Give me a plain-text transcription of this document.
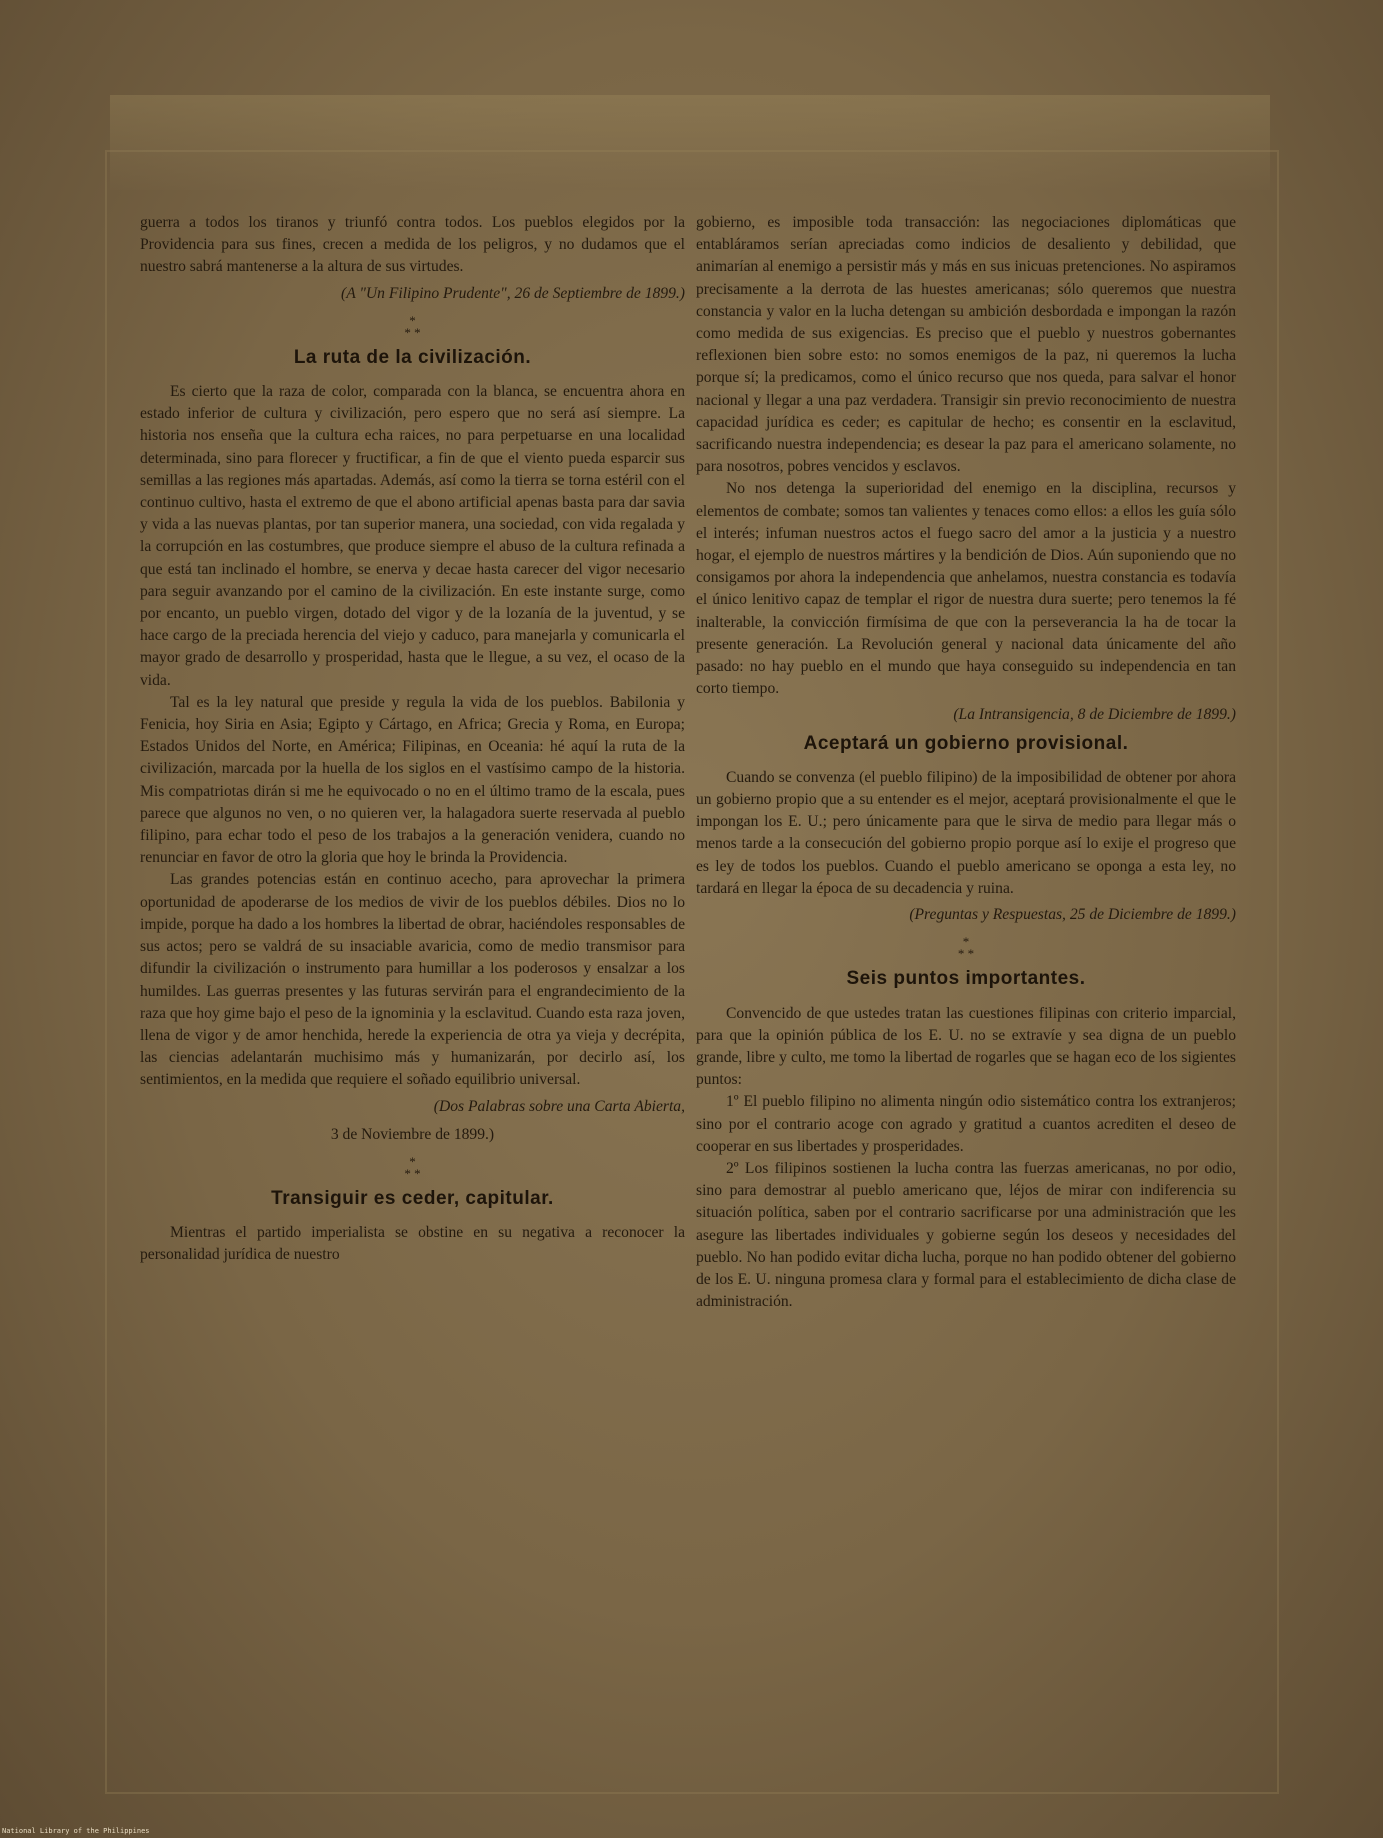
guerra a todos los tiranos y triunfó contra todos. Los pueblos elegidos por la Providencia para sus fines, crecen a medida de los peligros, y no dudamos que el nuestro sabrá mantenerse a la altura de sus virtudes.

(A "Un Filipino Prudente", 26 de Septiembre de 1899.)
*
* *
La ruta de la civilización.

Es cierto que la raza de color, comparada con la blanca, se encuentra ahora en estado inferior de cultura y civilización, pero espero que no será así siempre. La historia nos enseña que la cultura echa raices, no para perpetuarse en una localidad determinada, sino para florecer y fructificar, a fin de que el viento pueda esparcir sus semillas a las regiones más apartadas. Además, así como la tierra se torna estéril con el continuo cultivo, hasta el extremo de que el abono artificial apenas basta para dar savia y vida a las nuevas plantas, por tan superior manera, una sociedad, con vida regalada y la corrupción en las costumbres, que produce siempre el abuso de la cultura refinada a que está tan inclinado el hombre, se enerva y decae hasta carecer del vigor necesario para seguir avanzando por el camino de la civilización. En este instante surge, como por encanto, un pueblo virgen, dotado del vigor y de la lozanía de la juventud, y se hace cargo de la preciada herencia del viejo y caduco, para manejarla y comunicarla el mayor grado de desarrollo y prosperidad, hasta que le llegue, a su vez, el ocaso de la vida.

Tal es la ley natural que preside y regula la vida de los pueblos. Babilonia y Fenicia, hoy Siria en Asia; Egipto y Cártago, en Africa; Grecia y Roma, en Europa; Estados Unidos del Norte, en América; Filipinas, en Oceania: hé aquí la ruta de la civilización, marcada por la huella de los siglos en el vastísimo campo de la historia. Mis compatriotas dirán si me he equivocado o no en el último tramo de la escala, pues parece que algunos no ven, o no quieren ver, la halagadora suerte reservada al pueblo filipino, para echar todo el peso de los trabajos a la generación venidera, cuando no renunciar en favor de otro la gloria que hoy le brinda la Providencia.

Las grandes potencias están en continuo acecho, para aprovechar la primera oportunidad de apoderarse de los medios de vivir de los pueblos débiles. Dios no lo impide, porque ha dado a los hombres la libertad de obrar, haciéndoles responsables de sus actos; pero se valdrá de su insaciable avaricia, como de medio transmisor para difundir la civilización o instrumento para humillar a los poderosos y ensalzar a los humildes. Las guerras presentes y las futuras servirán para el engrandecimiento de la raza que hoy gime bajo el peso de la ignominia y la esclavitud. Cuando esta raza joven, llena de vigor y de amor henchida, herede la experiencia de otra ya vieja y decrépita, las ciencias adelantarán muchisimo más y humanizarán, por decirlo así, los sentimientos, en la medida que requiere el soñado equilibrio universal.

(Dos Palabras sobre una Carta Abierta,
3 de Noviembre de 1899.)
*
* *
Transiguir es ceder, capitular.

Mientras el partido imperialista se obstine en su negativa a reconocer la personalidad jurídica de nuestro

gobierno, es imposible toda transacción: las negociaciones diplomáticas que entabláramos serían apreciadas como indicios de desaliento y debilidad, que animarían al enemigo a persistir más y más en sus inicuas pretenciones. No aspiramos precisamente a la derrota de las huestes americanas; sólo queremos que nuestra constancia y valor en la lucha detengan su ambición desbordada e impongan la razón como medida de sus exigencias. Es preciso que el pueblo y nuestros gobernantes reflexionen bien sobre esto: no somos enemigos de la paz, ni queremos la lucha porque sí; la predicamos, como el único recurso que nos queda, para salvar el honor nacional y llegar a una paz verdadera. Transigir sin previo reconocimiento de nuestra capacidad jurídica es ceder; es capitular de hecho; es consentir en la esclavitud, sacrificando nuestra independencia; es desear la paz para el americano solamente, no para nosotros, pobres vencidos y esclavos.

No nos detenga la superioridad del enemigo en la disciplina, recursos y elementos de combate; somos tan valientes y tenaces como ellos: a ellos les guía sólo el interés; infuman nuestros actos el fuego sacro del amor a la justicia y a nuestro hogar, el ejemplo de nuestros mártires y la bendición de Dios. Aún suponiendo que no consigamos por ahora la independencia que anhelamos, nuestra constancia es todavía el único lenitivo capaz de templar el rigor de nuestra dura suerte; pero tenemos la fé inalterable, la convicción firmísima de que con la perseverancia la ha de tocar la presente generación. La Revolución general y nacional data únicamente del año pasado: no hay pueblo en el mundo que haya conseguido su independencia en tan corto tiempo.

(La Intransigencia, 8 de Diciembre de 1899.)
Aceptará un gobierno provisional.

Cuando se convenza (el pueblo filipino) de la imposibilidad de obtener por ahora un gobierno propio que a su entender es el mejor, aceptará provisionalmente el que le impongan los E. U.; pero únicamente para que le sirva de medio para llegar más o menos tarde a la consecución del gobierno propio porque así lo exije el progreso que es ley de todos los pueblos. Cuando el pueblo americano se oponga a esta ley, no tardará en llegar la época de su decadencia y ruina.

(Preguntas y Respuestas, 25 de Diciembre de 1899.)
*
* *
Seis puntos importantes.

Convencido de que ustedes tratan las cuestiones filipinas con criterio imparcial, para que la opinión pública de los E. U. no se extravíe y sea digna de un pueblo grande, libre y culto, me tomo la libertad de rogarles que se hagan eco de los sigientes puntos:

1º El pueblo filipino no alimenta ningún odio sistemático contra los extranjeros; sino por el contrario acoge con agrado y gratitud a cuantos acrediten el deseo de cooperar en sus libertades y prosperidades.

2º Los filipinos sostienen la lucha contra las fuerzas americanas, no por odio, sino para demostrar al pueblo americano que, léjos de mirar con indiferencia su situación política, saben por el contrario sacrificarse por una administración que les asegure las libertades individuales y gobierne según los deseos y necesidades del pueblo. No han podido evitar dicha lucha, porque no han podido obtener del gobierno de los E. U. ninguna promesa clara y formal para el establecimiento de dicha clase de administración.

National Library of the Philippines
